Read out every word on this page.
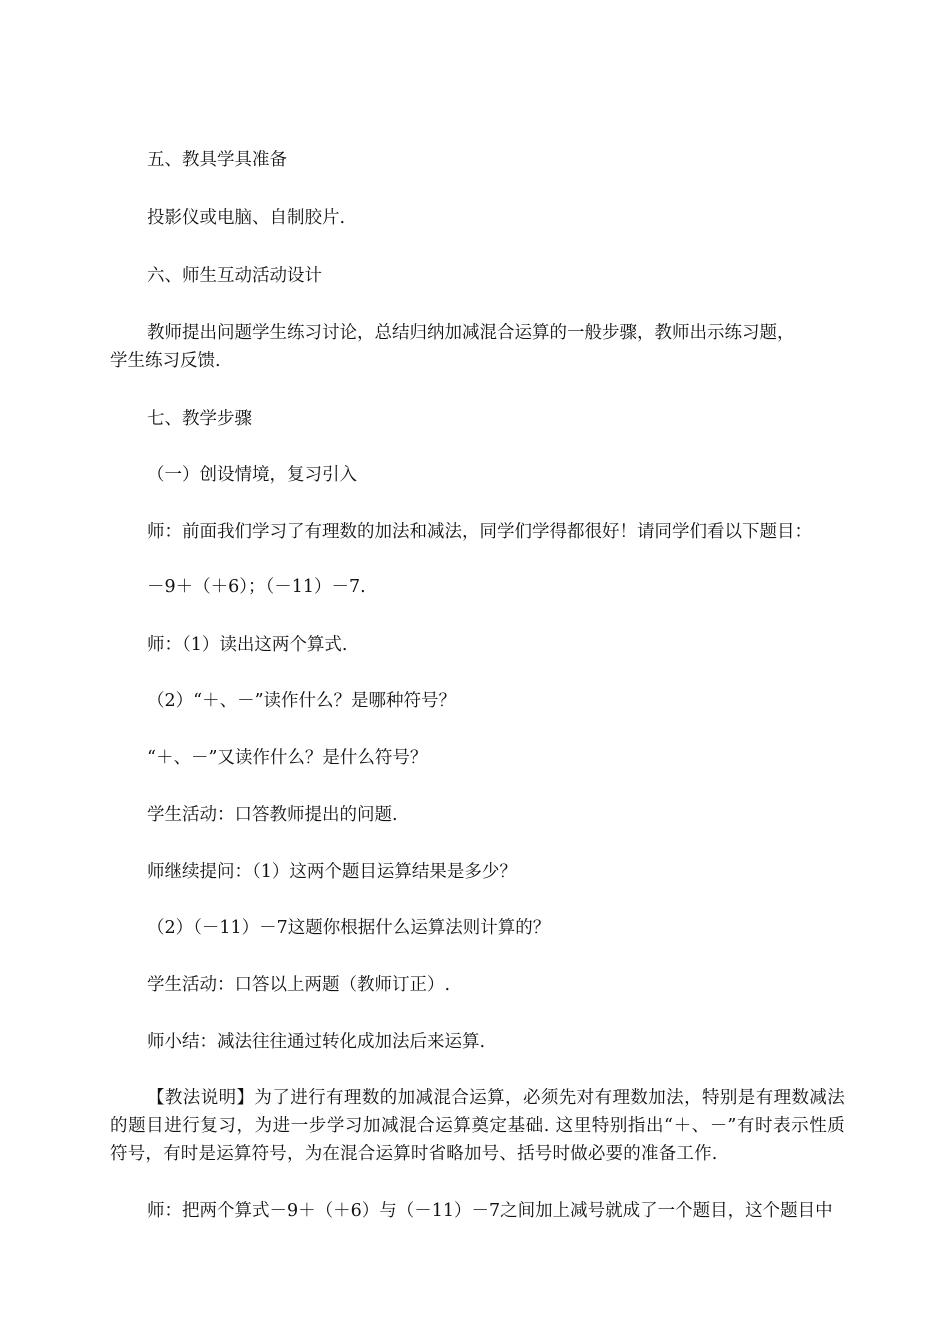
五、教具学具准备
投影仪或电脑、自制胶片.
六、师生互动活动设计
教师提出问题学生练习讨论，总结归纳加减混合运算的一般步骤，教师出示练习题，
学生练习反馈.
七、教学步骤
（一）创设情境，复习引入
师：前面我们学习了有理数的加法和减法，同学们学得都很好！请同学们看以下题目：
－9＋（＋6）；（－11）－7.
师：（1）读出这两个算式.
（2）“＋、－”读作什么？是哪种符号？
“＋、－”又读作什么？是什么符号？
学生活动：口答教师提出的问题.
师继续提问：（1）这两个题目运算结果是多少？
（2）（－11）－7这题你根据什么运算法则计算的？
学生活动：口答以上两题（教师订正）.
师小结：减法往往通过转化成加法后来运算.
【教法说明】为了进行有理数的加减混合运算，必须先对有理数加法，特别是有理数减法的题目进行复习，为进一步学习加减混合运算奠定基础. 这里特别指出“＋、－”有时表示性质符号，有时是运算符号，为在混合运算时省略加号、括号时做必要的准备工作.
师：把两个算式－9＋（＋6）与（－11）－7之间加上减号就成了一个题目，这个题目中
